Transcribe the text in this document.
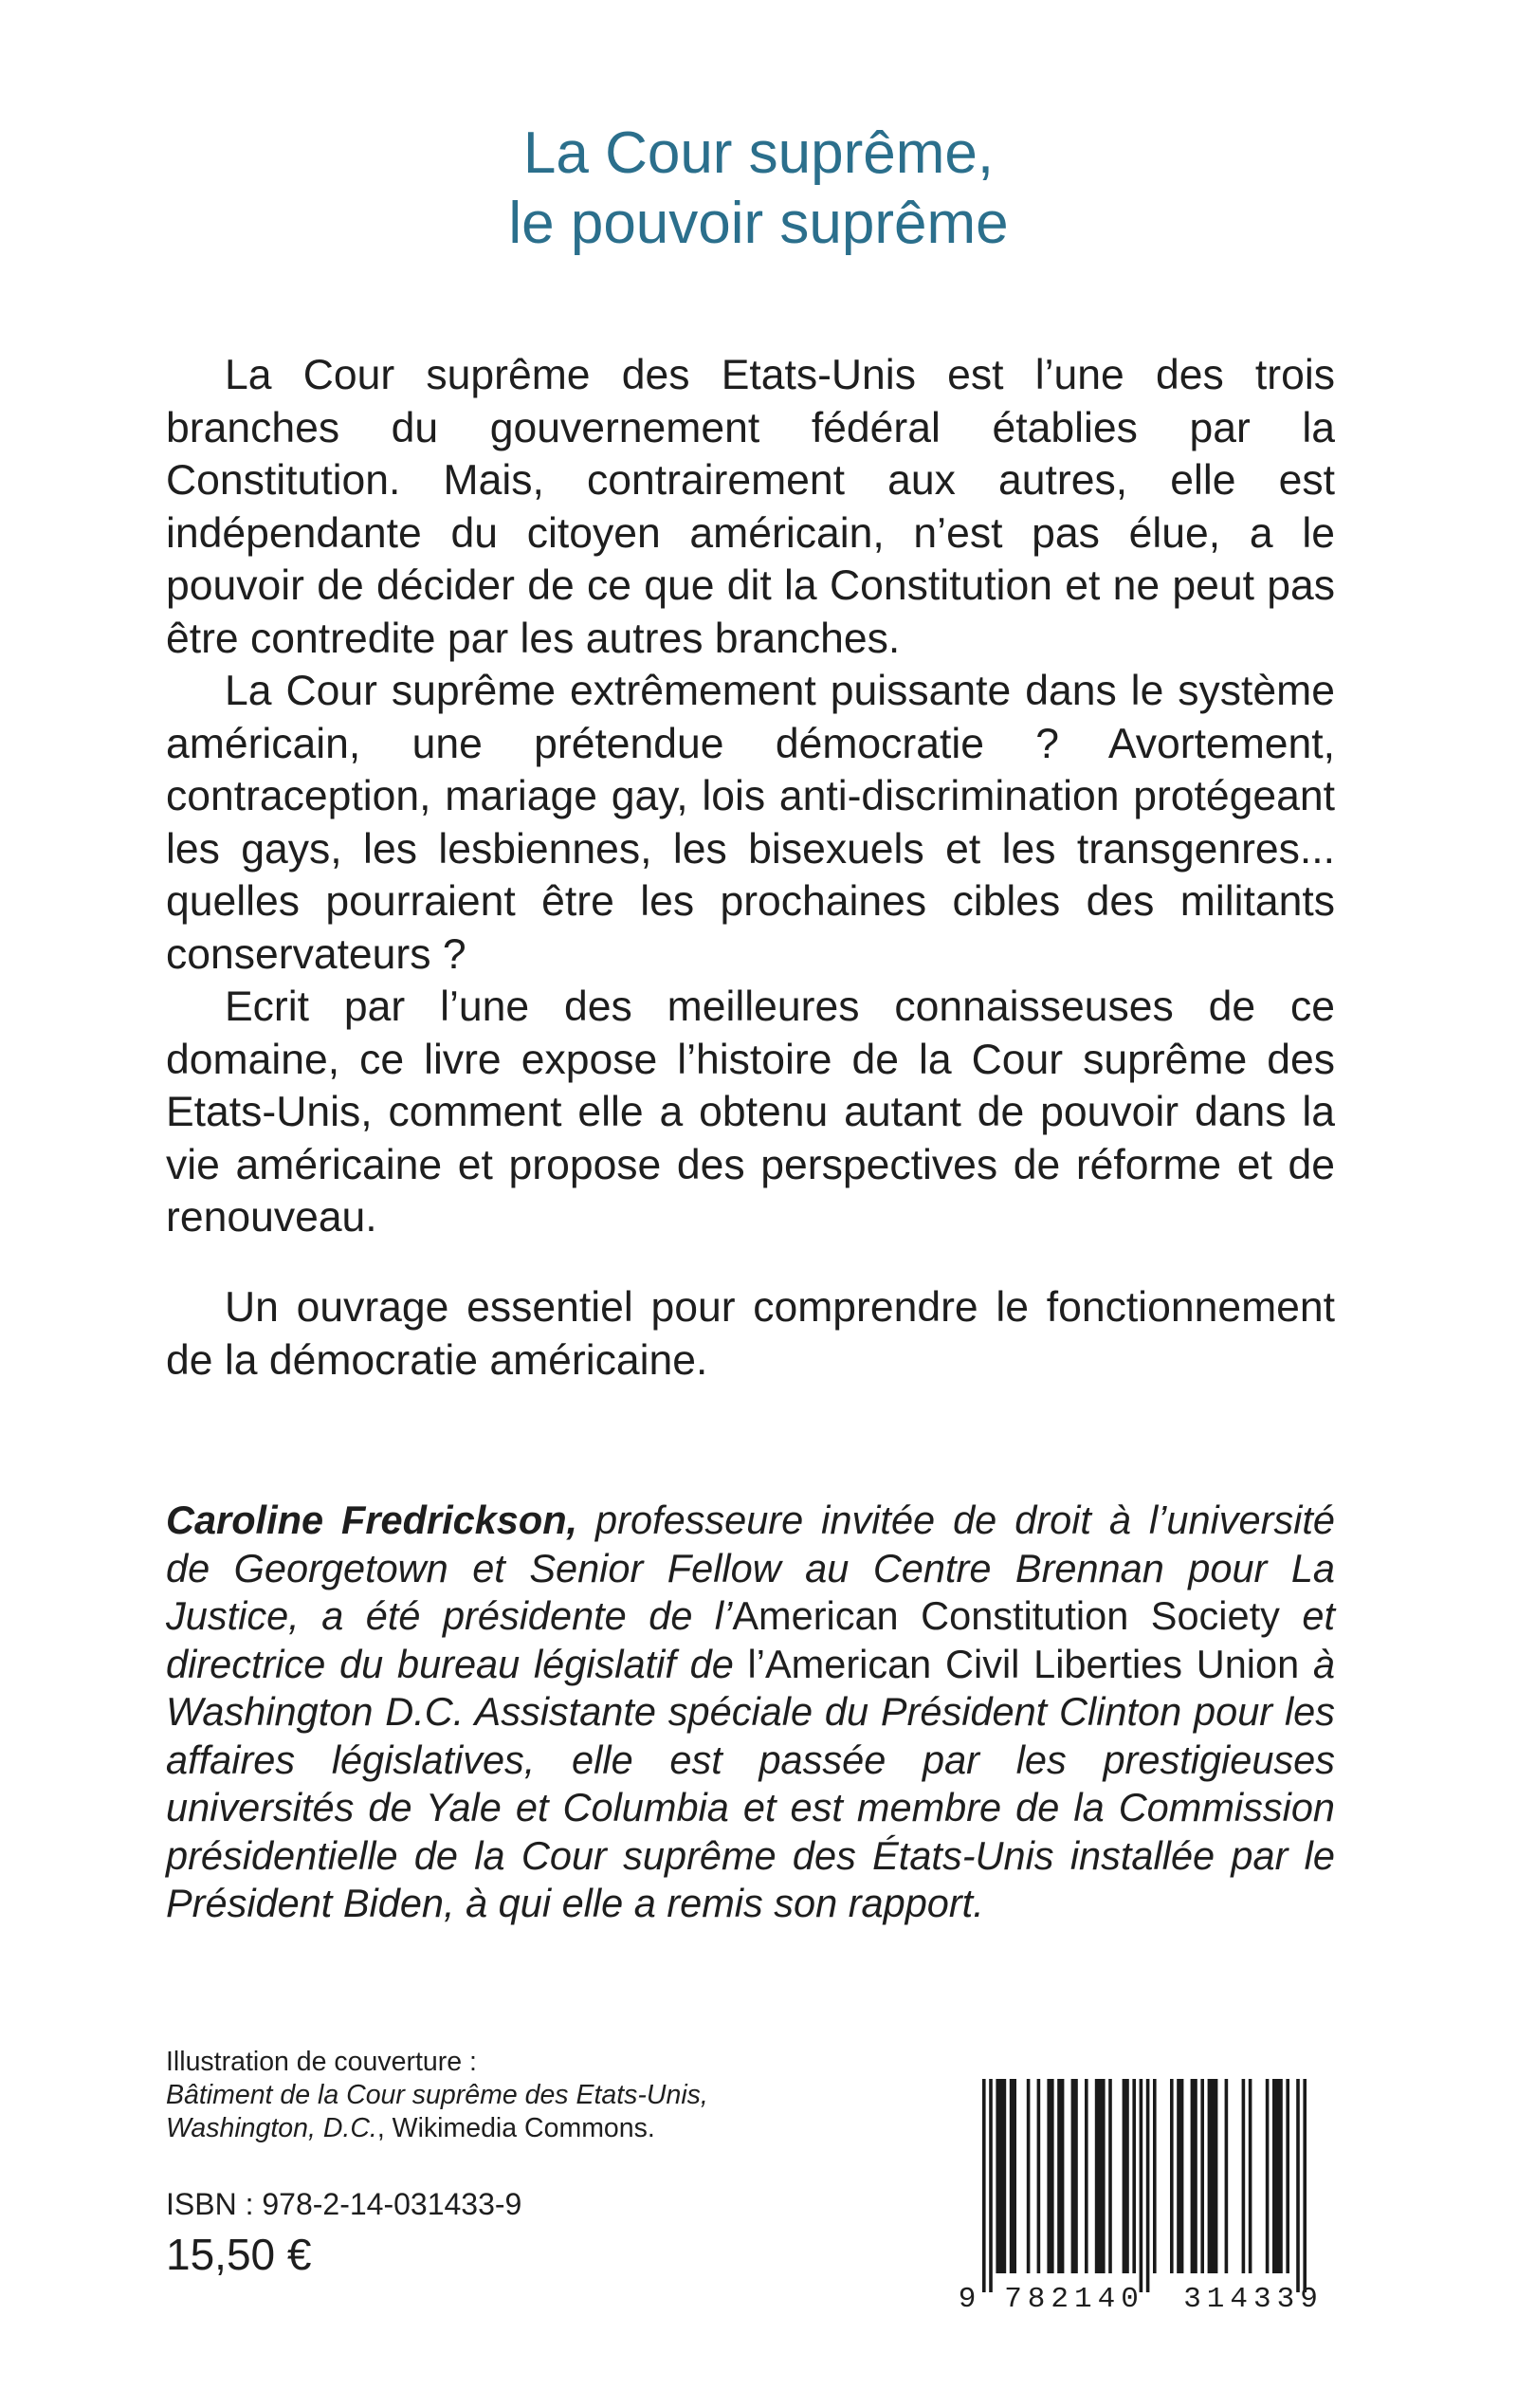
La Cour suprême,
le pouvoir suprême

La Cour suprême des Etats-Unis est l’une des trois branches du gouvernement fédéral établies par la Constitution. Mais, contrairement aux autres, elle est indépendante du citoyen américain, n’est pas élue, a le pouvoir de décider de ce que dit la Constitution et ne peut pas être contredite par les autres branches.

La Cour suprême extrêmement puissante dans le système américain, une prétendue démocratie ? Avortement, contraception, mariage gay, lois anti-discrimination protégeant les gays, les lesbiennes, les bisexuels et les transgenres... quelles pourraient être les prochaines cibles des militants conservateurs ?

Ecrit par l’une des meilleures connaisseuses de ce domaine, ce livre expose l’histoire de la Cour suprême des Etats-Unis, comment elle a obtenu autant de pouvoir dans la vie américaine et propose des perspectives de réforme et de renouveau.

Un ouvrage essentiel pour comprendre le fonctionnement de la démocratie américaine.

Caroline Fredrickson, professeure invitée de droit à l’université de Georgetown et Senior Fellow au Centre Brennan pour La Justice, a été présidente de l’American Constitution Society et directrice du bureau législatif de l’American Civil Liberties Union à Washington D.C. Assistante spéciale du Président Clinton pour les affaires législatives, elle est passée par les prestigieuses universités de Yale et Columbia et est membre de la Commission présidentielle de la Cour suprême des États-Unis installée par le Président Biden, à qui elle a remis son rapport.

Illustration de couverture :
Bâtiment de la Cour suprême des Etats-Unis,
Washington, D.C., Wikimedia Commons.
ISBN : 978-2-14-031433-9
15,50 €
9 782140 314339
